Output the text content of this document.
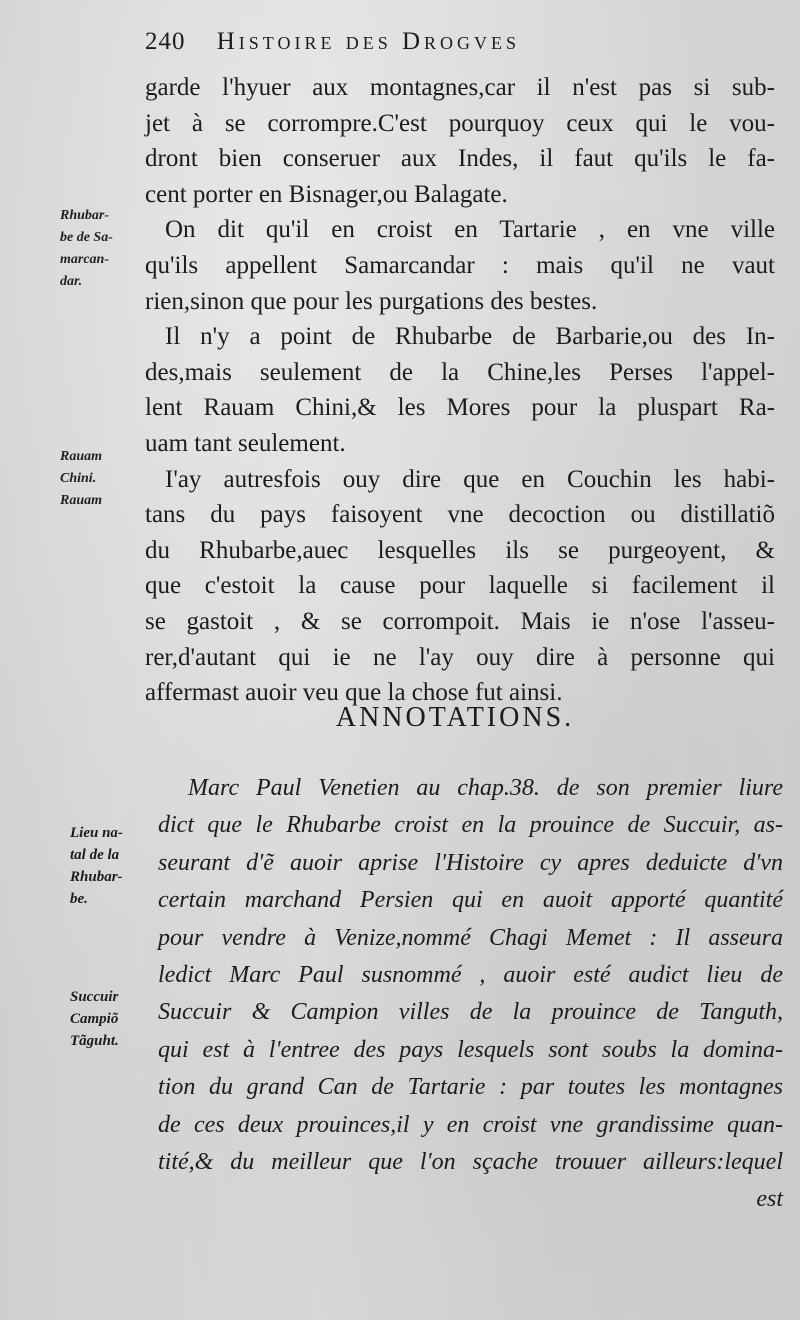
240 Histoire des Drogves
garde l'hyuer aux montagnes,car il n'est pas si sub-
jet à se corrompre.C'est pourquoy ceux qui le vou-
dront bien conseruer aux Indes, il faut qu'ils le fa-
cent porter en Bisnager,ou Balagate.
On dit qu'il en croist en Tartarie , en vne ville
qu'ils appellent Samarcandar : mais qu'il ne vaut
rien,sinon que pour les purgations des bestes.
Il n'y a point de Rhubarbe de Barbarie,ou des In-
des,mais seulement de la Chine,les Perses l'appel-
lent Rauam Chini,& les Mores pour la pluspart Ra-
uam tant seulement.
I'ay autresfois ouy dire que en Couchin les habi-
tans du pays faisoyent vne decoction ou distillatiõ
du Rhubarbe,auec lesquelles ils se purgeoyent, &
que c'estoit la cause pour laquelle si facilement il
se gastoit , & se corrompoit. Mais ie n'ose l'asseu-
rer,d'autant qui ie ne l'ay ouy dire à personne qui
affermast auoir veu que la chose fut ainsi.
Rhubar-
be de Sa-
marcan-
dar.
Rauam
Chini.
Rauam
ANNOTATIONS.
Marc Paul Venetien au chap.38. de son premier liure
dict que le Rhubarbe croist en la prouince de Succuir, as-
seurant d'ẽ auoir aprise l'Histoire cy apres deduicte d'vn
certain marchand Persien qui en auoit apporté quantité
pour vendre à Venize,nommé Chagi Memet : Il asseura
ledict Marc Paul susnommé , auoir esté audict lieu de
Succuir & Campion villes de la prouince de Tanguth,
qui est à l'entree des pays lesquels sont soubs la domina-
tion du grand Can de Tartarie : par toutes les montagnes
de ces deux prouinces,il y en croist vne grandissime quan-
tité,& du meilleur que l'on sçache trouuer ailleurs:lequel
est
Lieu na-
tal de la
Rhubar-
be.
Succuir
Campiõ
Tãguht.
